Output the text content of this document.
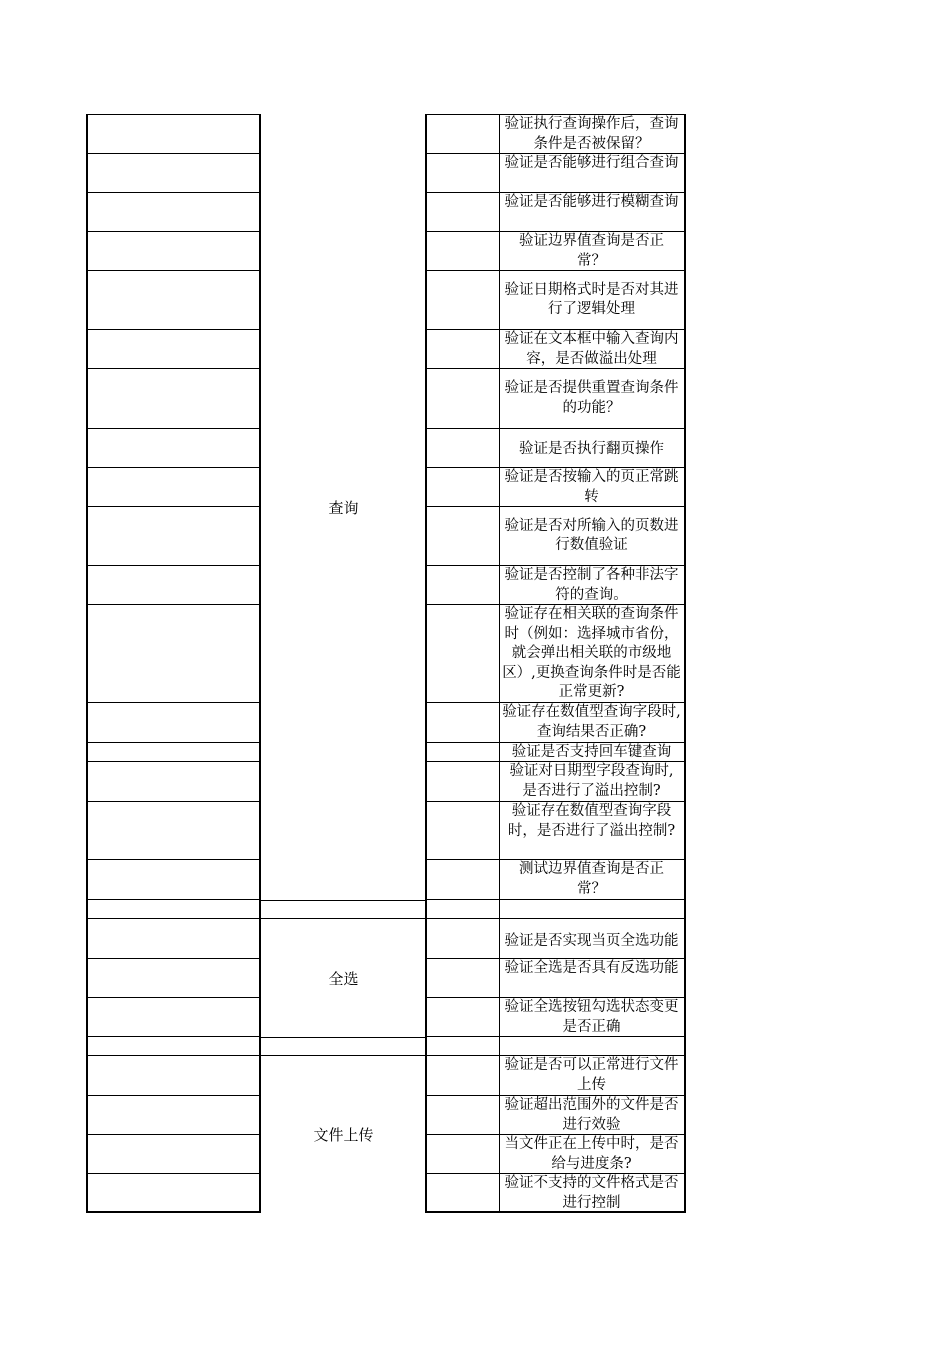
查询
验证执行查询操作后，查询条件是否被保留？
验证是否能够进行组合查询
验证是否能够进行模糊查询
验证边界值查询是否正常？
验证日期格式时是否对其进行了逻辑处理
验证在文本框中输入查询内容，是否做溢出处理
验证是否提供重置查询条件的功能？
验证是否执行翻页操作
验证是否按输入的页正常跳转
验证是否对所输入的页数进行数值验证
验证是否控制了各种非法字符的查询。
验证存在相关联的查询条件时（例如：选择城市省份，就会弹出相关联的市级地区）,更换查询条件时是否能正常更新?
验证存在数值型查询字段时, 查询结果否正确?
验证是否支持回车键查询
验证对日期型字段查询时, 是否进行了溢出控制?
验证存在数值型查询字段时，是否进行了溢出控制?
测试边界值查询是否正常？
全选
验证是否实现当页全选功能
验证全选是否具有反选功能
验证全选按钮勾选状态变更是否正确
文件上传
验证是否可以正常进行文件上传
验证超出范围外的文件是否进行效验
当文件正在上传中时，是否给与进度条?
验证不支持的文件格式是否进行控制
